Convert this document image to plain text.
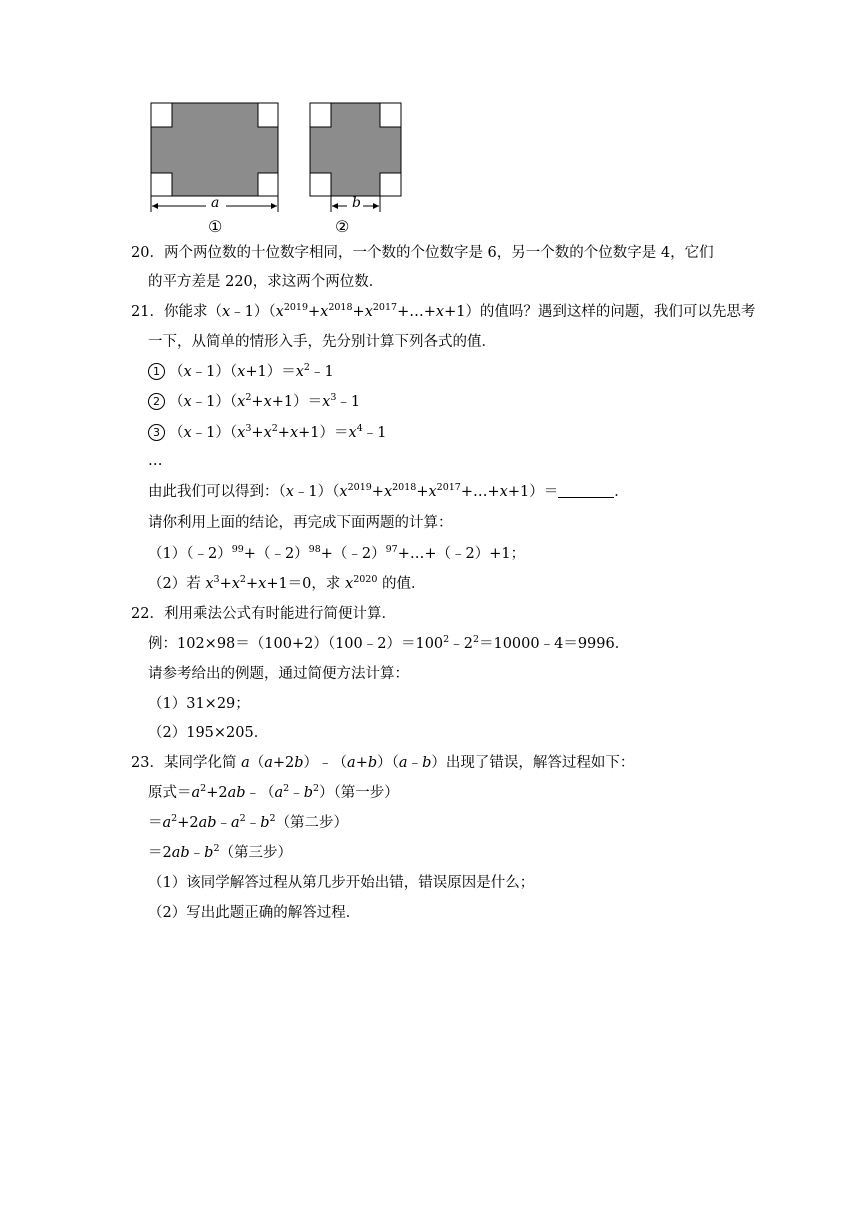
a
①
b
②
20．两个两位数的十位数字相同，一个数的个位数字是 6，另一个数的个位数字是 4，它们
的平方差是 220，求这两个两位数．
21．你能求$(x﹣1)(x^{2019}+x^{2018}+x^{2017}+\dots+x+1)$的值吗？遇到这样的问题，我们可以先思考
一下，从简单的情形入手，先分别计算下列各式的值．
1 $(x﹣1)(x+1)=x^2﹣1$
2 $(x﹣1)(x^2+x+1)=x^3﹣1$
3 $(x﹣1)(x^3+x^2+x+1)=x^4﹣1$
…
由此我们可以得到：$(x﹣1)(x^{2019}+x^{2018}+x^{2017}+\dots+x+1)=$	．
请你利用上面的结论，再完成下面两题的计算：
（1）（﹣2）$^{99}$+（﹣2）$^{98}$+（﹣2）$^{97}$+…+（﹣2）+1；
（2）若 $x^3+x^2+x+1=0$，求 $x^{2020}$ 的值．
22．利用乘法公式有时能进行简便计算．
例：$102\times 98=(100+2)(100﹣2)=100^2﹣2^2=10000﹣4=9996$．
请参考给出的例题，通过简便方法计算：
（1）31×29；
（2）195×205．
23．某同学化简 a（a+2b）﹣（a+b）（a﹣b）出现了错误，解答过程如下：
原式$=a^2+2ab﹣(a^2﹣b^2)$（第一步）
$=a^2+2ab﹣a^2﹣b^2$（第二步）
$=2ab﹣b^2$（第三步）
（1）该同学解答过程从第几步开始出错，错误原因是什么；
（2）写出此题正确的解答过程．
